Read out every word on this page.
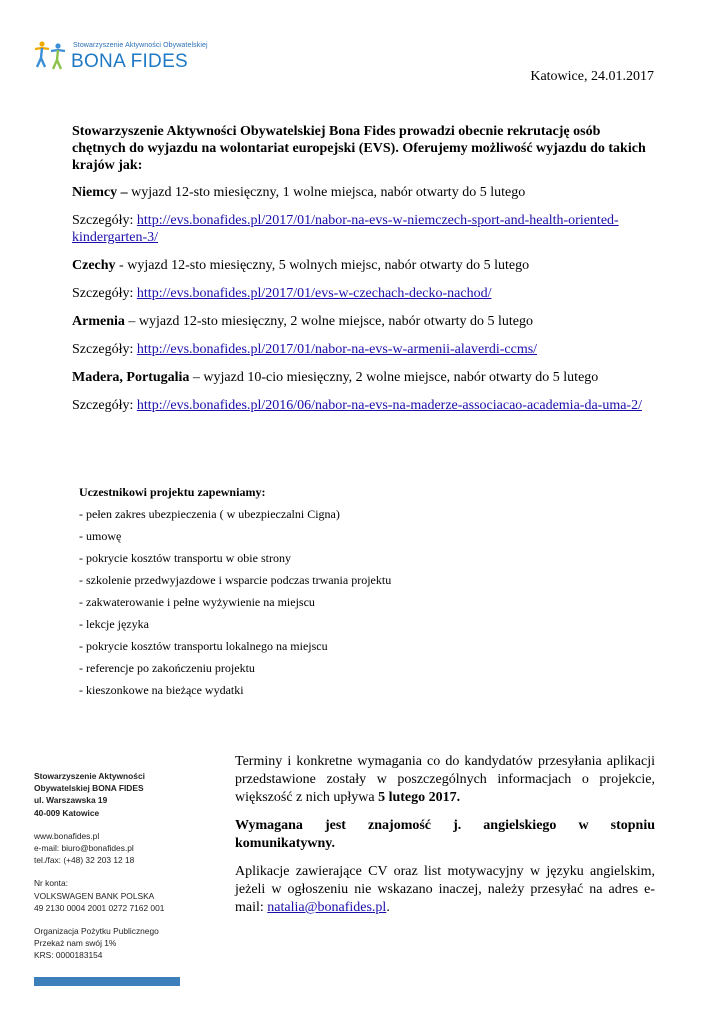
Stowarzyszenie Aktywności Obywatelskiej
BONA FIDES
Katowice, 24.01.2017

Stowarzyszenie Aktywności Obywatelskiej Bona Fides prowadzi obecnie rekrutację osób chętnych do wyjazdu na wolontariat europejski (EVS). Oferujemy możliwość wyjazdu do takich krajów jak:

Niemcy – wyjazd 12-sto miesięczny, 1 wolne miejsca, nabór otwarty do 5 lutego

Szczegóły: http://evs.bonafides.pl/2017/01/nabor-na-evs-w-niemczech-sport-and-health-oriented-kindergarten-3/

Czechy - wyjazd 12-sto miesięczny, 5 wolnych miejsc, nabór otwarty do 5 lutego

Szczegóły: http://evs.bonafides.pl/2017/01/evs-w-czechach-decko-nachod/

Armenia – wyjazd 12-sto miesięczny, 2 wolne miejsce, nabór otwarty do 5 lutego

Szczegóły: http://evs.bonafides.pl/2017/01/nabor-na-evs-w-armenii-alaverdi-ccms/

Madera, Portugalia – wyjazd 10-cio miesięczny, 2 wolne miejsce, nabór otwarty do 5 lutego

Szczegóły: http://evs.bonafides.pl/2016/06/nabor-na-evs-na-maderze-associacao-academia-da-uma-2/

Uczestnikowi projektu zapewniamy:
- pełen zakres ubezpieczenia ( w ubezpieczalni Cigna)
- umowę
- pokrycie kosztów transportu w obie strony
- szkolenie przedwyjazdowe i wsparcie podczas trwania projektu
- zakwaterowanie i pełne wyżywienie na miejscu
- lekcje języka
- pokrycie kosztów transportu lokalnego na miejscu
- referencje po zakończeniu projektu
- kieszonkowe na bieżące wydatki
Stowarzyszenie Aktywności
Obywatelskiej BONA FIDES
ul. Warszawska 19
40-009 Katowice
www.bonafides.pl
e-mail: biuro@bonafides.pl
tel./fax: (+48) 32 203 12 18
Nr konta:
VOLKSWAGEN BANK POLSKA
49 2130 0004 2001 0272 7162 001
Organizacja Pożytku Publicznego
Przekaż nam swój 1%
KRS: 0000183154

Terminy i konkretne wymagania co do kandydatów przesyłania aplikacji przedstawione zostały w poszczególnych informacjach o projekcie, większość z nich upływa 5 lutego 2017.

Wymagana jest znajomość j. angielskiego w stopniu
komunikatywny.

Aplikacje zawierające CV oraz list motywacyjny w języku angielskim, jeżeli w ogłoszeniu nie wskazano inaczej, należy przesyłać na adres e-mail: natalia@bonafides.pl.
